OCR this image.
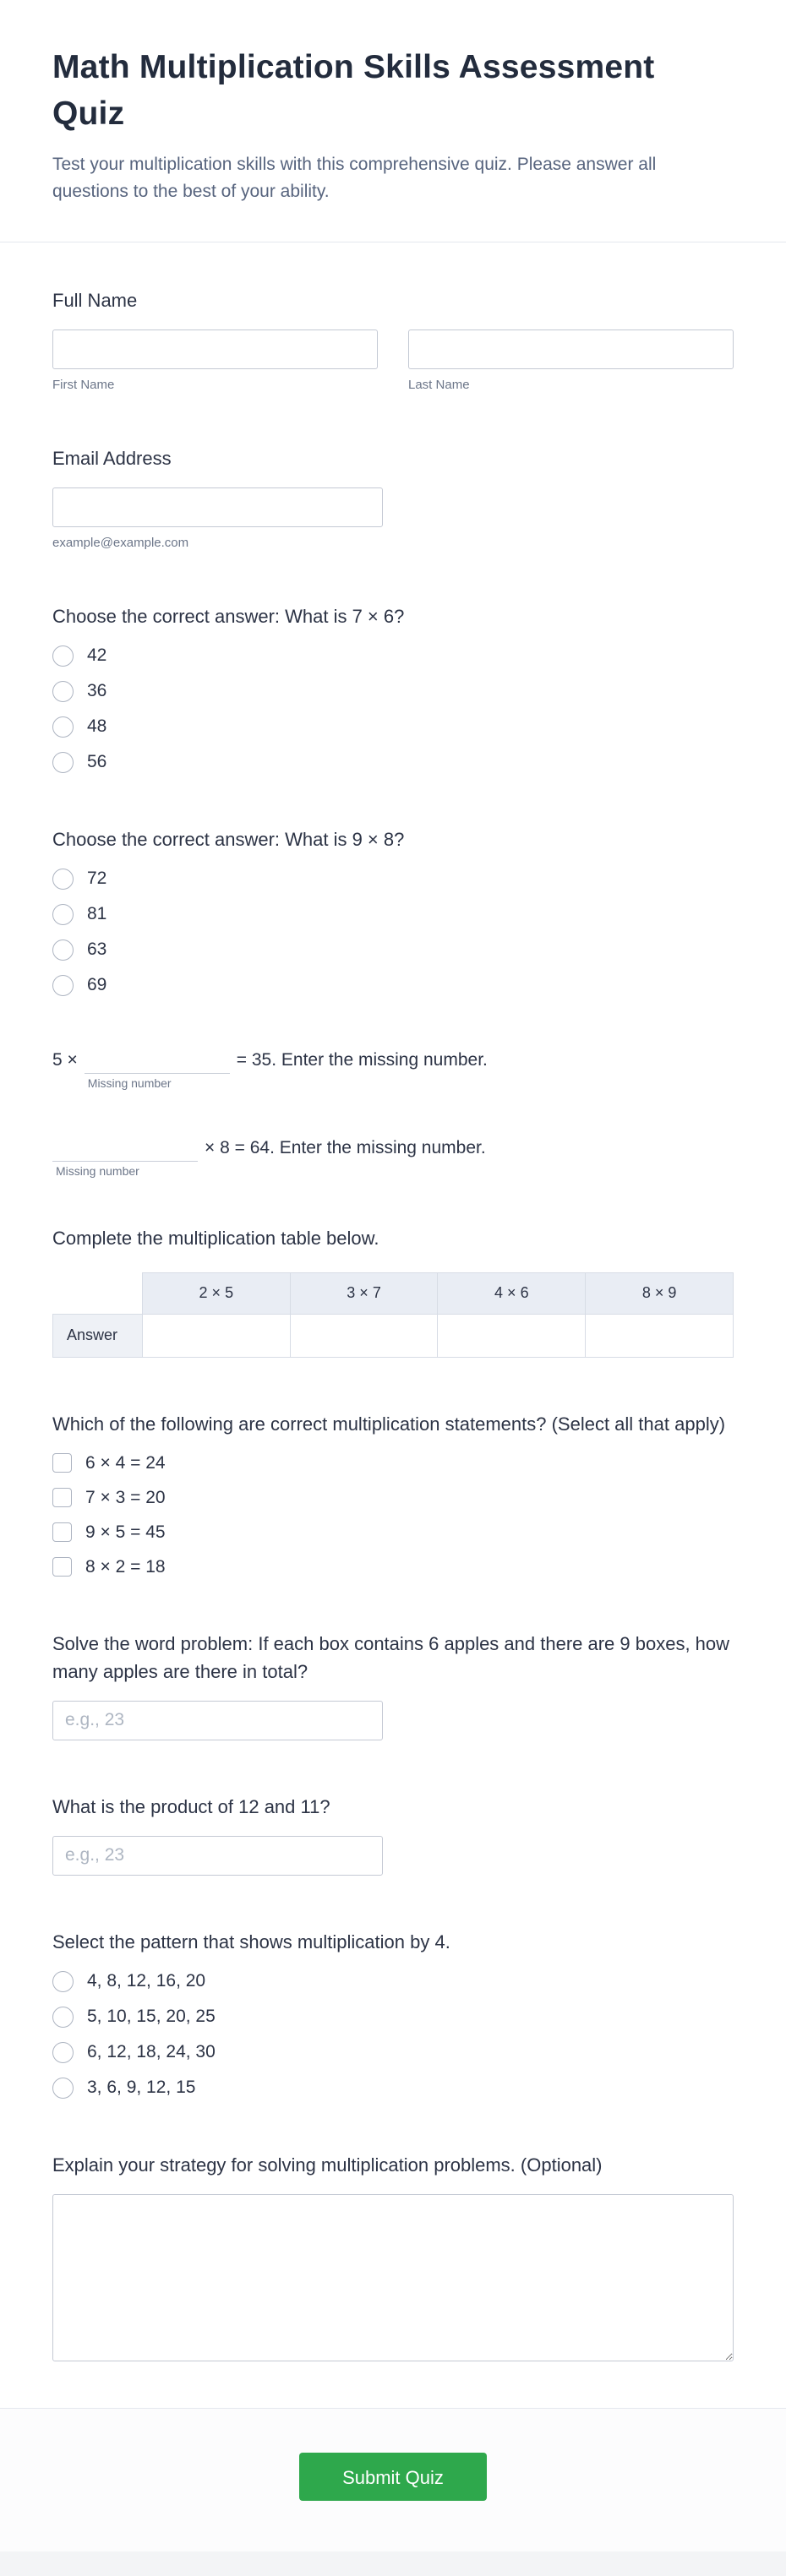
Math Multiplication Skills Assessment Quiz
Test your multiplication skills with this comprehensive quiz. Please answer all questions to the best of your ability.
Full Name
First Name	Last Name
Email Address
example@example.com
Choose the correct answer: What is 7 × 6?
42
36
48
56
Choose the correct answer: What is 9 × 8?
72
81
63
69
5 ×
Missing number
= 35. Enter the missing number.
Missing number
× 8 = 64. Enter the missing number.
Complete the multiplication table below.
	2 × 5	3 × 7	4 × 6	8 × 9
Answer				
Which of the following are correct multiplication statements? (Select all that apply)
6 × 4 = 24
7 × 3 = 20
9 × 5 = 45
8 × 2 = 18
Solve the word problem: If each box contains 6 apples and there are 9 boxes, how many apples are there in total?
e.g., 23
What is the product of 12 and 11?
e.g., 23
Select the pattern that shows multiplication by 4.
4, 8, 12, 16, 20
5, 10, 15, 20, 25
6, 12, 18, 24, 30
3, 6, 9, 12, 15
Explain your strategy for solving multiplication problems. (Optional)
Submit Quiz
